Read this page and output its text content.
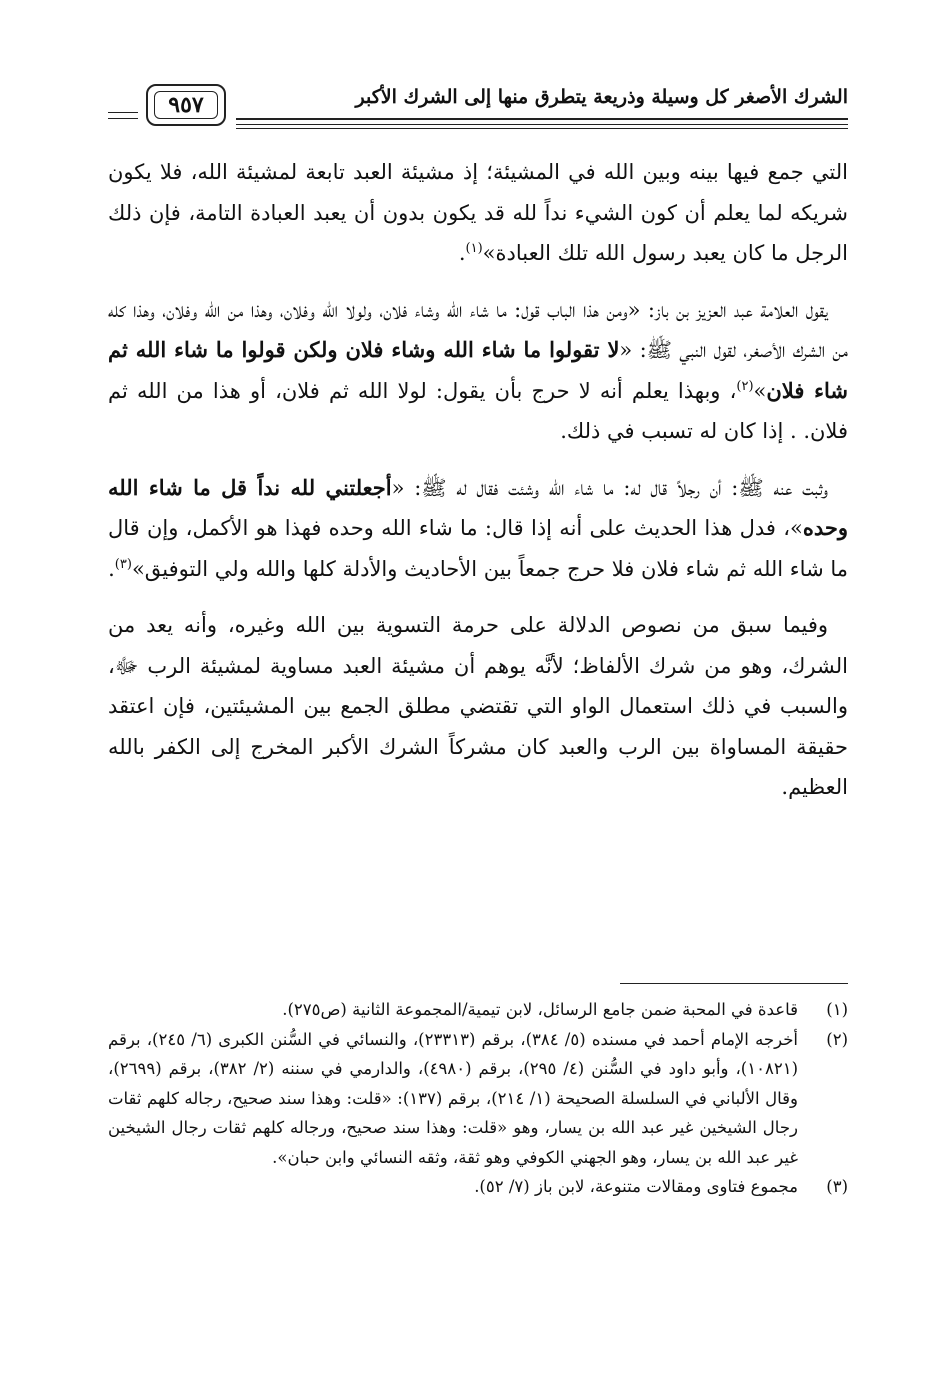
الشرك الأصغر كل وسيلة وذريعة يتطرق منها إلى الشرك الأكبر
٩٥٧

التي جمع فيها بينه وبين الله في المشيئة؛ إذ مشيئة العبد تابعة لمشيئة الله، فلا يكون شريكه لما يعلم أن كون الشيء نداً لله قد يكون بدون أن يعبد العبادة التامة، فإن ذلك الرجل ما كان يعبد رسول الله تلك العبادة»$^{(١)}$.

يقول العلامة عبد العزيز بن باز: «ومن هذا الباب قول: ما شاء الله وشاء فلان، ولولا الله وفلان، وهذا من الله وفلان، وهذا كله من الشرك الأصغر، لقول النبي ﷺ: «لا تقولوا ما شاء الله وشاء فلان ولكن قولوا ما شاء الله ثم شاء فلان»$^{(٢)}$، وبهذا يعلم أنه لا حرج بأن يقول: لولا الله ثم فلان، أو هذا من الله ثم فلان. . إذا كان له تسبب في ذلك.

وثبت عنه ﷺ: أن رجلاً قال له: ما شاء الله وشئت فقال له ﷺ: «أجعلتني لله نداً قل ما شاء الله وحده»، فدل هذا الحديث على أنه إذا قال: ما شاء الله وحده فهذا هو الأكمل، وإن قال ما شاء الله ثم شاء فلان فلا حرج جمعاً بين الأحاديث والأدلة كلها والله ولي التوفيق»$^{(٣)}$.

وفيما سبق من نصوص الدلالة على حرمة التسوية بين الله وغيره، وأنه يعد من الشرك، وهو من شرك الألفاظ؛ لأنَّه يوهم أن مشيئة العبد مساوية لمشيئة الرب ﷻ، والسبب في ذلك استعمال الواو التي تقتضي مطلق الجمع بين المشيئتين، فإن اعتقد حقيقة المساواة بين الرب والعبد كان مشركاً الشرك الأكبر المخرج إلى الكفر بالله العظيم.

(١)
قاعدة في المحبة ضمن جامع الرسائل، لابن تيمية/المجموعة الثانية (ص٢٧٥).
(٢)
أخرجه الإمام أحمد في مسنده (٥/ ٣٨٤)، برقم (٢٣٣١٣)، والنسائي في السُّنن الكبرى (٦/ ٢٤٥)، برقم (١٠٨٢١)، وأبو داود في السُّنن (٤/ ٢٩٥)، برقم (٤٩٨٠)، والدارمي في سننه (٢/ ٣٨٢)، برقم (٢٦٩٩)، وقال الألباني في السلسلة الصحيحة (١/ ٢١٤)، برقم (١٣٧): «قلت: وهذا سند صحيح، رجاله كلهم ثقات رجال الشيخين غير عبد الله بن يسار، وهو «قلت: وهذا سند صحيح، ورجاله كلهم ثقات رجال الشيخين غير عبد الله بن يسار، وهو الجهني الكوفي وهو ثقة، وثقه النسائي وابن حبان».
(٣)
مجموع فتاوى ومقالات متنوعة، لابن باز (٧/ ٥٢).
